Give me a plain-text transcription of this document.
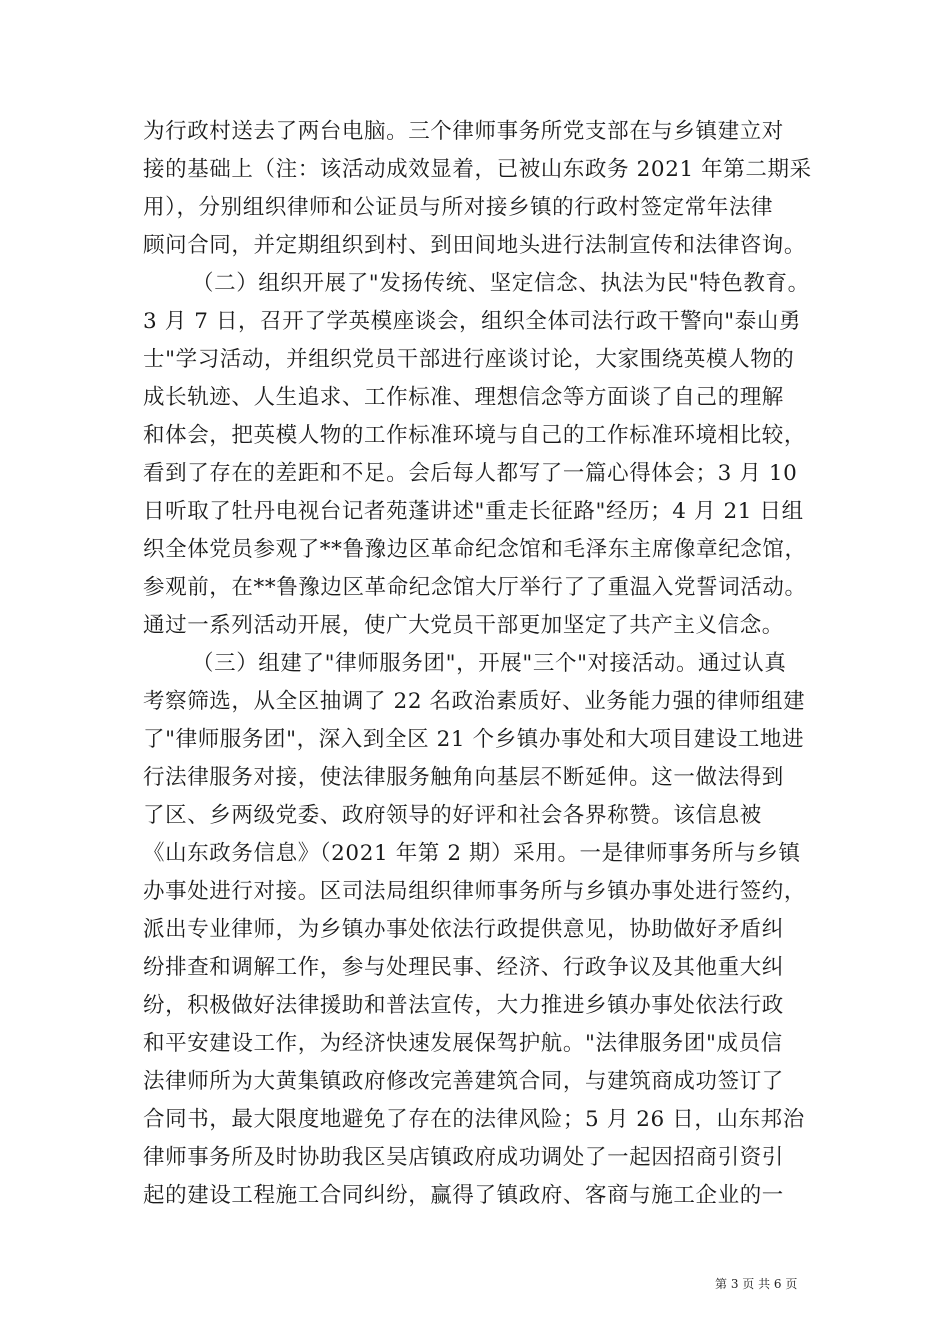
为行政村送去了两台电脑。三个律师事务所党支部在与乡镇建立对
接的基础上（注：该活动成效显着，已被山东政务 2021 年第二期采
用），分别组织律师和公证员与所对接乡镇的行政村签定常年法律
顾问合同，并定期组织到村、到田间地头进行法制宣传和法律咨询。
（二）组织开展了"发扬传统、坚定信念、执法为民"特色教育。
3 月 7 日，召开了学英模座谈会，组织全体司法行政干警向"泰山勇
士"学习活动，并组织党员干部进行座谈讨论，大家围绕英模人物的
成长轨迹、人生追求、工作标准、理想信念等方面谈了自己的理解
和体会，把英模人物的工作标准环境与自己的工作标准环境相比较，
看到了存在的差距和不足。会后每人都写了一篇心得体会；3 月 10
日听取了牡丹电视台记者苑蓬讲述"重走长征路"经历；4 月 21 日组
织全体党员参观了**鲁豫边区革命纪念馆和毛泽东主席像章纪念馆，
参观前，在**鲁豫边区革命纪念馆大厅举行了了重温入党誓词活动。
通过一系列活动开展，使广大党员干部更加坚定了共产主义信念。
（三）组建了"律师服务团"，开展"三个"对接活动。通过认真
考察筛选，从全区抽调了 22 名政治素质好、业务能力强的律师组建
了"律师服务团"，深入到全区 21 个乡镇办事处和大项目建设工地进
行法律服务对接，使法律服务触角向基层不断延伸。这一做法得到
了区、乡两级党委、政府领导的好评和社会各界称赞。该信息被
《山东政务信息》（2021 年第 2 期）采用。一是律师事务所与乡镇
办事处进行对接。区司法局组织律师事务所与乡镇办事处进行签约，
派出专业律师，为乡镇办事处依法行政提供意见，协助做好矛盾纠
纷排查和调解工作，参与处理民事、经济、行政争议及其他重大纠
纷，积极做好法律援助和普法宣传，大力推进乡镇办事处依法行政
和平安建设工作，为经济快速发展保驾护航。"法律服务团"成员信
法律师所为大黄集镇政府修改完善建筑合同，与建筑商成功签订了
合同书，最大限度地避免了存在的法律风险；5 月 26 日，山东邦治
律师事务所及时协助我区吴店镇政府成功调处了一起因招商引资引
起的建设工程施工合同纠纷，赢得了镇政府、客商与施工企业的一
第 3 页 共 6 页
